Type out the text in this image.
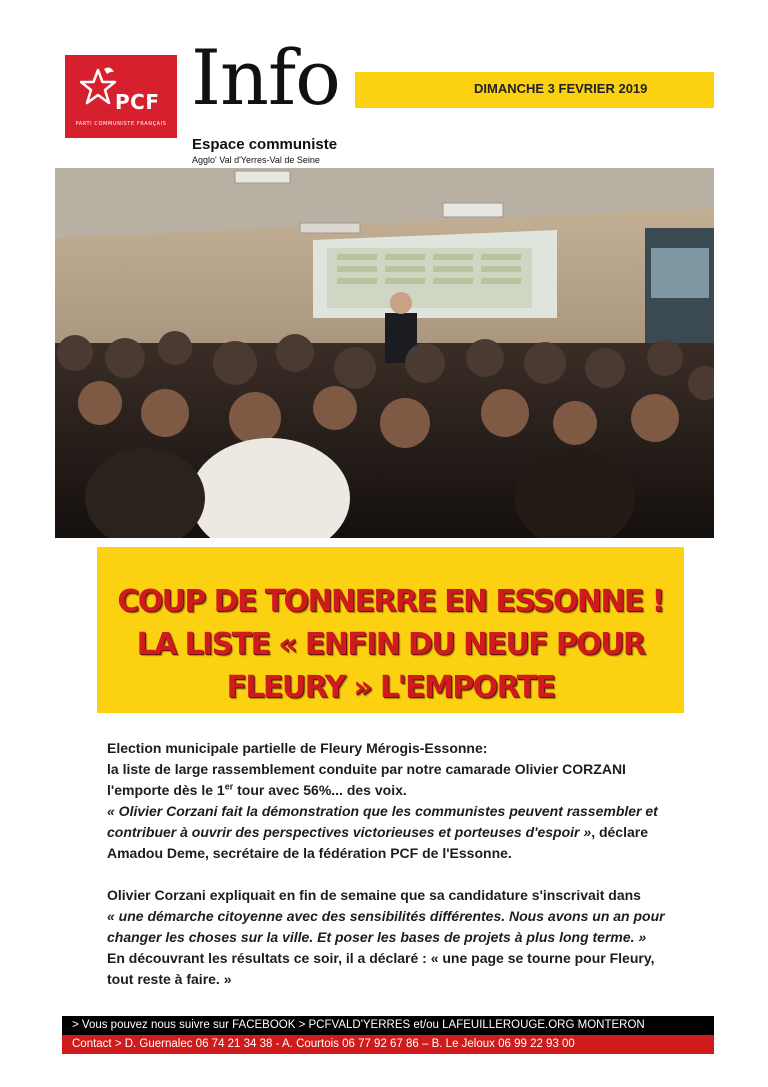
PCF
PARTI COMMUNISTE FRANÇAIS
Info	DIMANCHE 3 FEVRIER 2019
Espace communiste
Agglo' Val d'Yerres-Val de Seine
COUP DE TONNERRE EN ESSONNE !
LA LISTE « ENFIN DU NEUF POUR
FLEURY » L'EMPORTE

Election municipale partielle de Fleury Mérogis-Essonne:

la liste de large rassemblement conduite par notre camarade Olivier CORZANI

l'emporte dès le 1er tour avec 56%... des voix.

« Olivier Corzani fait la démonstration que les communistes peuvent rassembler et

contribuer à ouvrir des perspectives victorieuses et porteuses d'espoir », déclare

Amadou Deme, secrétaire de la fédération PCF de l'Essonne.

Olivier Corzani expliquait en fin de semaine que sa candidature s'inscrivait dans

« une démarche citoyenne avec des sensibilités différentes. Nous avons un an pour

changer les choses sur la ville. Et poser les bases de projets à plus long terme. »

En découvrant les résultats ce soir, il a déclaré : « une page se tourne pour Fleury,

tout reste à faire. »

> Vous pouvez nous suivre sur FACEBOOK > PCFVALD'YERRES et/ou LAFEUILLEROUGE.ORG MONTERON
Contact > D. Guernalec 06 74 21 34 38 - A. Courtois 06 77 92 67 86 – B. Le Jeloux 06 99 22 93 00
